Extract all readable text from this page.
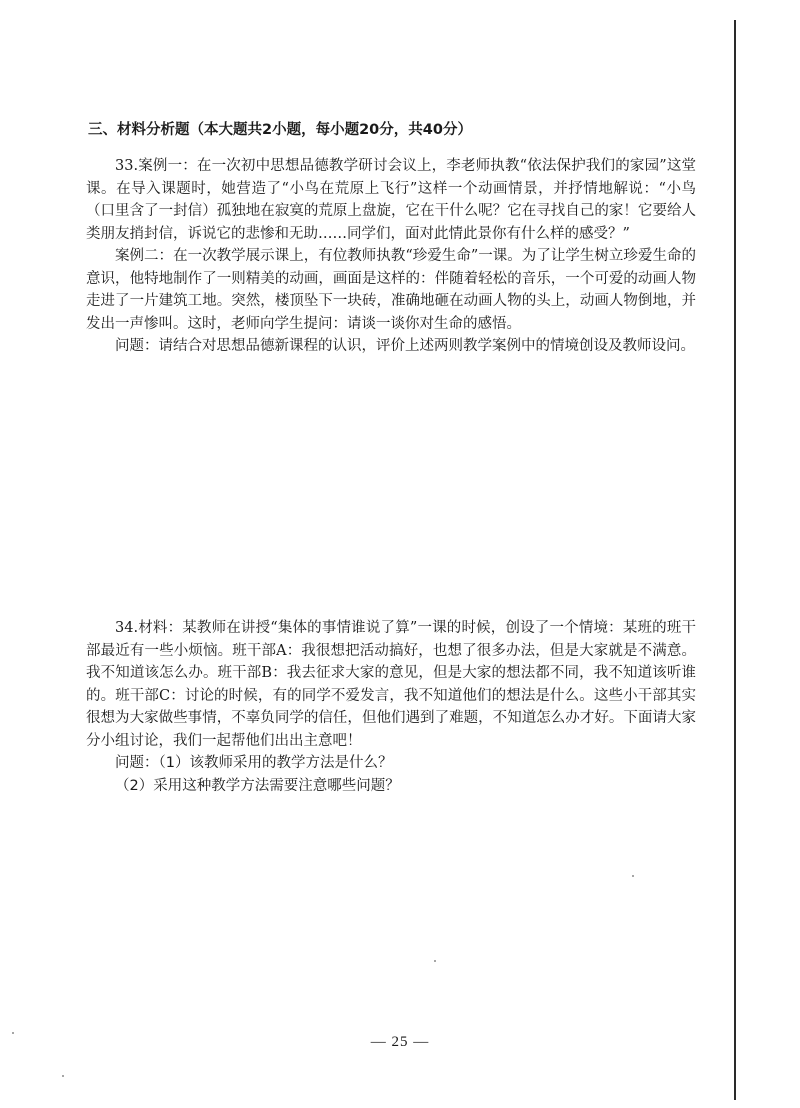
三、材料分析题（本大题共2小题，每小题20分，共40分）

33.案例一：在一次初中思想品德教学研讨会议上，李老师执教“依法保护我们的家园”这堂课。在导入课题时，她营造了“小鸟在荒原上飞行”这样一个动画情景，并抒情地解说：“小鸟（口里含了一封信）孤独地在寂寞的荒原上盘旋，它在干什么呢？它在寻找自己的家！它要给人类朋友捎封信，诉说它的悲惨和无助……同学们，面对此情此景你有什么样的感受？”

案例二：在一次教学展示课上，有位教师执教“珍爱生命”一课。为了让学生树立珍爱生命的意识，他特地制作了一则精美的动画，画面是这样的：伴随着轻松的音乐，一个可爱的动画人物走进了一片建筑工地。突然，楼顶坠下一块砖，准确地砸在动画人物的头上，动画人物倒地，并发出一声惨叫。这时，老师向学生提问：请谈一谈你对生命的感悟。

问题：请结合对思想品德新课程的认识，评价上述两则教学案例中的情境创设及教师设问。

34.材料：某教师在讲授“集体的事情谁说了算”一课的时候，创设了一个情境：某班的班干部最近有一些小烦恼。班干部A：我很想把活动搞好，也想了很多办法，但是大家就是不满意。我不知道该怎么办。班干部B：我去征求大家的意见，但是大家的想法都不同，我不知道该听谁的。班干部C：讨论的时候，有的同学不爱发言，我不知道他们的想法是什么。这些小干部其实很想为大家做些事情，不辜负同学的信任，但他们遇到了难题，不知道怎么办才好。下面请大家分小组讨论，我们一起帮他们出出主意吧！

问题：（1）该教师采用的教学方法是什么？

（2）采用这种教学方法需要注意哪些问题？

— 25 —
